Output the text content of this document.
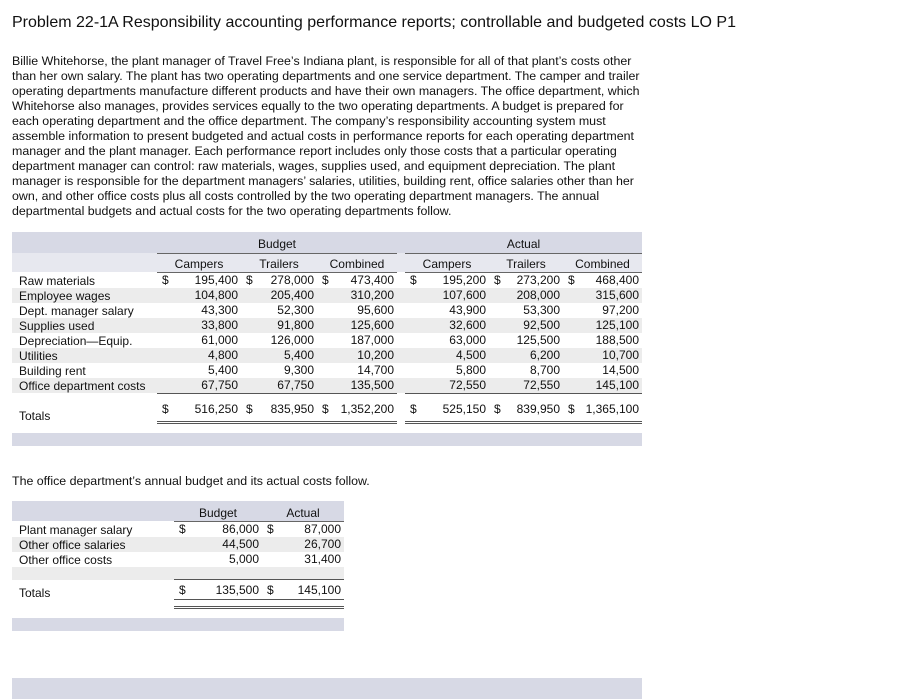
Problem 22-1A Responsibility accounting performance reports; controllable and budgeted costs LO P1

Billie Whitehorse, the plant manager of Travel Free’s Indiana plant, is responsible for all of that plant’s costs other than her own salary. The plant has two operating departments and one service department. The camper and trailer operating departments manufacture different products and have their own managers. The office department, which Whitehorse also manages, provides services equally to the two operating departments. A budget is prepared for each operating department and the office department. The company’s responsibility accounting system must assemble information to present budgeted and actual costs in performance reports for each operating department manager and the plant manager. Each performance report includes only those costs that a particular operating department manager can control: raw materials, wages, supplies used, and equipment depreciation. The plant manager is responsible for the department managers’ salaries, utilities, building rent, office salaries other than her own, and other office costs plus all costs controlled by the two operating department managers. The annual departmental budgets and actual costs for the two operating departments follow.

	Budget				Actual		
	Campers	Trailers	Combined		Campers	Trailers	Combined
Raw materials	$ 195,400	$ 278,000	$ 473,400		$ 195,200	$ 273,200	$ 468,400

Employee wages	104,800	205,400	310,200		107,600	208,000	315,600

Dept. manager salary	43,300	52,300	95,600		43,900	53,300	97,200

Supplies used	33,800	91,800	125,600		32,600	92,500	125,100

Depreciation—Equip.	61,000	126,000	187,000		63,000	125,500	188,500

Utilities	4,800	5,400	10,200		4,500	6,200	10,700

Building rent	5,400	9,300	14,700		5,800	8,700	14,500

Office department costs	67,750	67,750	135,500		72,550	72,550	145,100

Totals	$ 516,250	$ 835,950	$ 1,352,200		$ 525,150	$ 839,950	$ 1,365,100

The office department’s annual budget and its actual costs follow.

	Budget	Actual
Plant manager salary	$ 86,000	$ 87,000

Other office salaries	44,500	26,700

Other office costs	5,000	31,400

Totals	$ 135,500	$ 145,100
